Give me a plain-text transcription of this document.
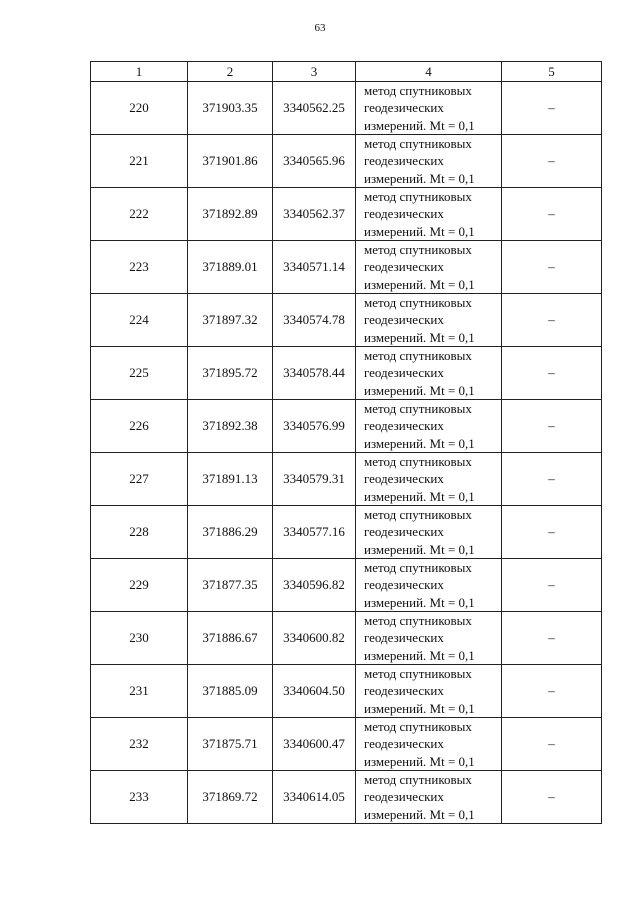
63
1	2	3	4	5
220	371903.35	3340562.25	метод спутниковых
геодезических
измерений. Mt = 0,1	–
221	371901.86	3340565.96	метод спутниковых
геодезических
измерений. Mt = 0,1	–
222	371892.89	3340562.37	метод спутниковых
геодезических
измерений. Mt = 0,1	–
223	371889.01	3340571.14	метод спутниковых
геодезических
измерений. Mt = 0,1	–
224	371897.32	3340574.78	метод спутниковых
геодезических
измерений. Mt = 0,1	–
225	371895.72	3340578.44	метод спутниковых
геодезических
измерений. Mt = 0,1	–
226	371892.38	3340576.99	метод спутниковых
геодезических
измерений. Mt = 0,1	–
227	371891.13	3340579.31	метод спутниковых
геодезических
измерений. Mt = 0,1	–
228	371886.29	3340577.16	метод спутниковых
геодезических
измерений. Mt = 0,1	–
229	371877.35	3340596.82	метод спутниковых
геодезических
измерений. Mt = 0,1	–
230	371886.67	3340600.82	метод спутниковых
геодезических
измерений. Mt = 0,1	–
231	371885.09	3340604.50	метод спутниковых
геодезических
измерений. Mt = 0,1	–
232	371875.71	3340600.47	метод спутниковых
геодезических
измерений. Mt = 0,1	–
233	371869.72	3340614.05	метод спутниковых
геодезических
измерений. Mt = 0,1	–
